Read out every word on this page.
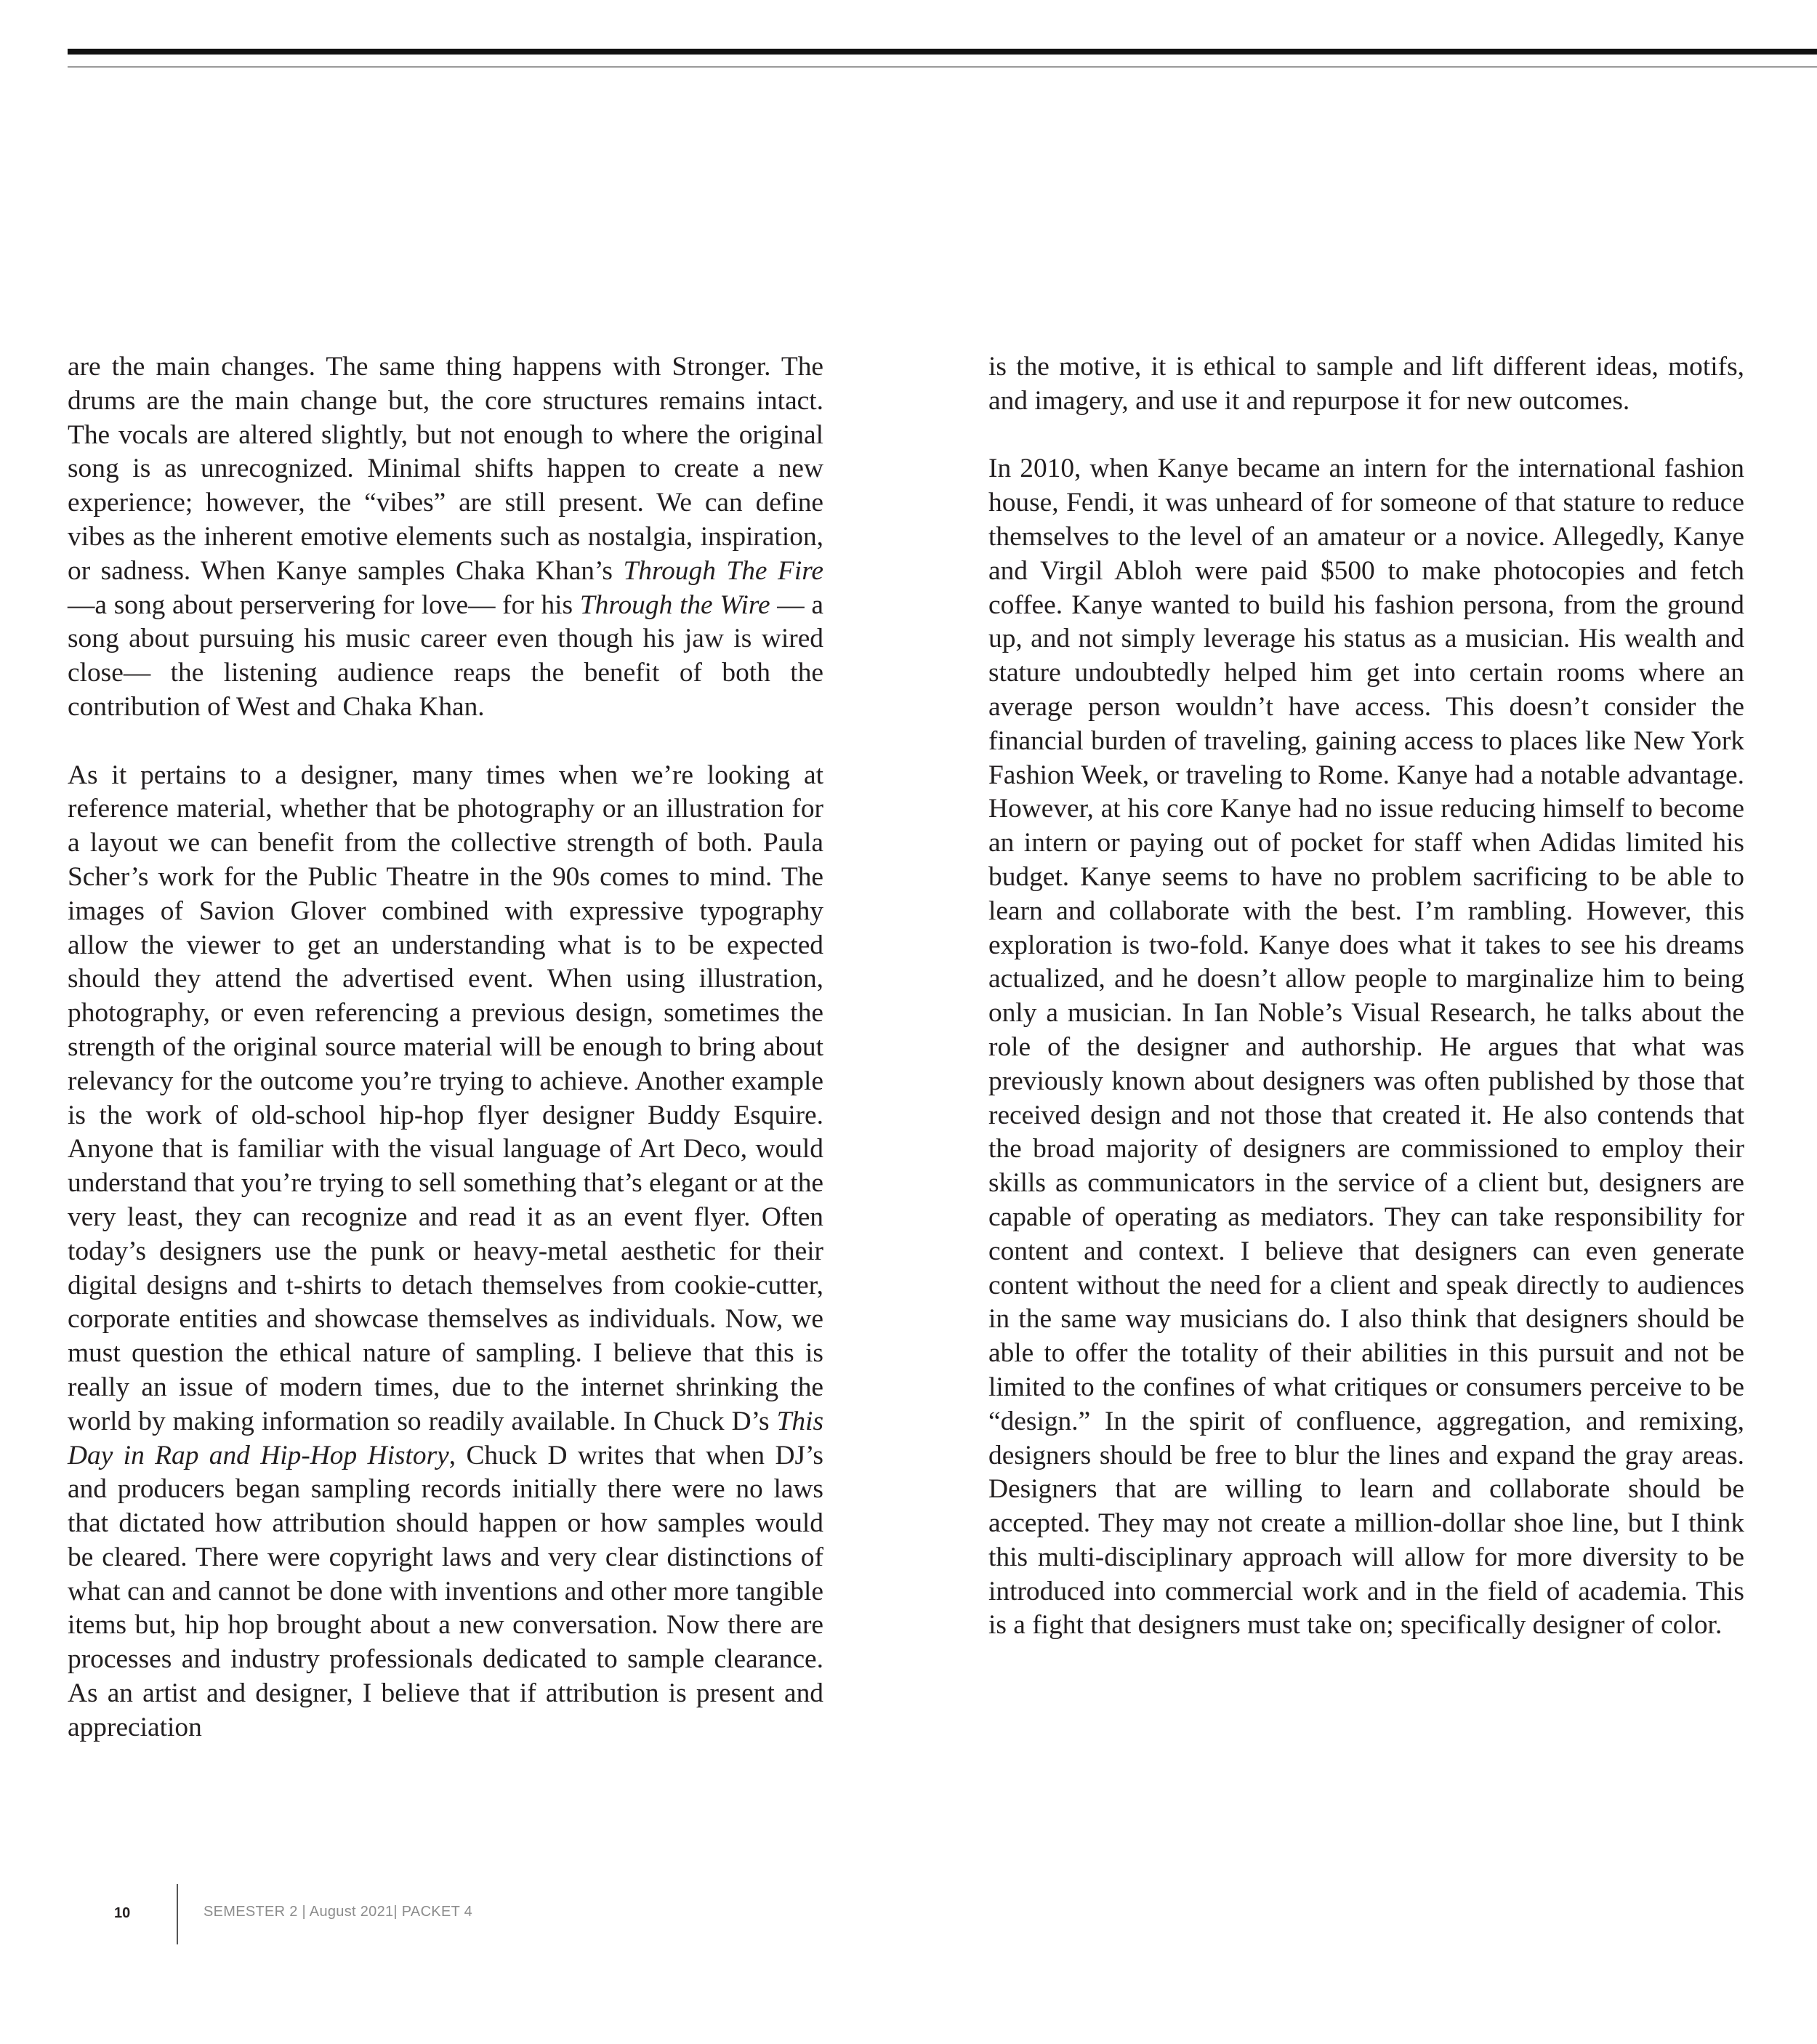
are the main changes. The same thing happens with Stronger. The drums are the main change but, the core structures remains intact. The vocals are altered slightly, but not enough to where the original song is as unrecognized. Minimal shifts happen to create a new experience; however, the “vibes” are still present. We can define vibes as the inherent emotive elements such as nostalgia, inspiration, or sadness. When Kanye samples Chaka Khan’s Through The Fire —a song about perservering for love— for his Through the Wire — a song about pursuing his music career even though his jaw is wired close— the listening audience reaps the benefit of both the contribution of West and Chaka Khan.

As it pertains to a designer, many times when we’re looking at reference material, whether that be photography or an illustration for a layout we can benefit from the collective strength of both. Paula Scher’s work for the Public Theatre in the 90s comes to mind. The images of Savion Glover combined with expressive typography allow the viewer to get an understanding what is to be expected should they attend the advertised event. When using illustration, photography, or even referencing a previous design, sometimes the strength of the original source material will be enough to bring about relevancy for the outcome you’re trying to achieve. Another example is the work of old-school hip-hop flyer designer Buddy Esquire. Anyone that is familiar with the visual language of Art Deco, would understand that you’re trying to sell something that’s elegant or at the very least, they can recognize and read it as an event flyer. Often today’s designers use the punk or heavy-metal aesthetic for their digital designs and t-shirts to detach themselves from cookie-cutter, corporate entities and showcase themselves as individuals. Now, we must question the ethical nature of sampling. I believe that this is really an issue of modern times, due to the internet shrinking the world by making information so readily available. In Chuck D’s This Day in Rap and Hip-Hop History, Chuck D writes that when DJ’s and producers began sampling records initially there were no laws that dictated how attribution should happen or how samples would be cleared. There were copyright laws and very clear distinctions of what can and cannot be done with inventions and other more tangible items but, hip hop brought about a new conversation. Now there are processes and industry professionals dedicated to sample clearance. As an artist and designer, I believe that if attribution is present and appreciation

is the motive, it is ethical to sample and lift different ideas, motifs, and imagery, and use it and repurpose it for new outcomes.

In 2010, when Kanye became an intern for the international fashion house, Fendi, it was unheard of for someone of that stature to reduce themselves to the level of an amateur or a novice. Allegedly, Kanye and Virgil Abloh were paid $500 to make photocopies and fetch coffee. Kanye wanted to build his fashion persona, from the ground up, and not simply leverage his status as a musician. His wealth and stature undoubtedly helped him get into certain rooms where an average person wouldn’t have access. This doesn’t consider the financial burden of traveling, gaining access to places like New York Fashion Week, or traveling to Rome. Kanye had a notable advantage. However, at his core Kanye had no issue reducing himself to become an intern or paying out of pocket for staff when Adidas limited his budget. Kanye seems to have no problem sacrificing to be able to learn and collaborate with the best. I’m rambling. However, this exploration is two-fold. Kanye does what it takes to see his dreams actualized, and he doesn’t allow people to marginalize him to being only a musician. In Ian Noble’s Visual Research, he talks about the role of the designer and authorship. He argues that what was previously known about designers was often published by those that received design and not those that created it. He also contends that the broad majority of designers are commissioned to employ their skills as communicators in the service of a client but, designers are capable of operating as mediators. They can take responsibility for content and context. I believe that designers can even generate content without the need for a client and speak directly to audiences in the same way musicians do. I also think that designers should be able to offer the totality of their abilities in this pursuit and not be limited to the confines of what critiques or consumers perceive to be “design.” In the spirit of confluence, aggregation, and remixing, designers should be free to blur the lines and expand the gray areas. Designers that are willing to learn and collaborate should be accepted. They may not create a million-dollar shoe line, but I think this multi-disciplinary approach will allow for more diversity to be introduced into commercial work and in the field of academia. This is a fight that designers must take on; specifically designer of color.

10	SEMESTER 2 | August 2021| PACKET 4
